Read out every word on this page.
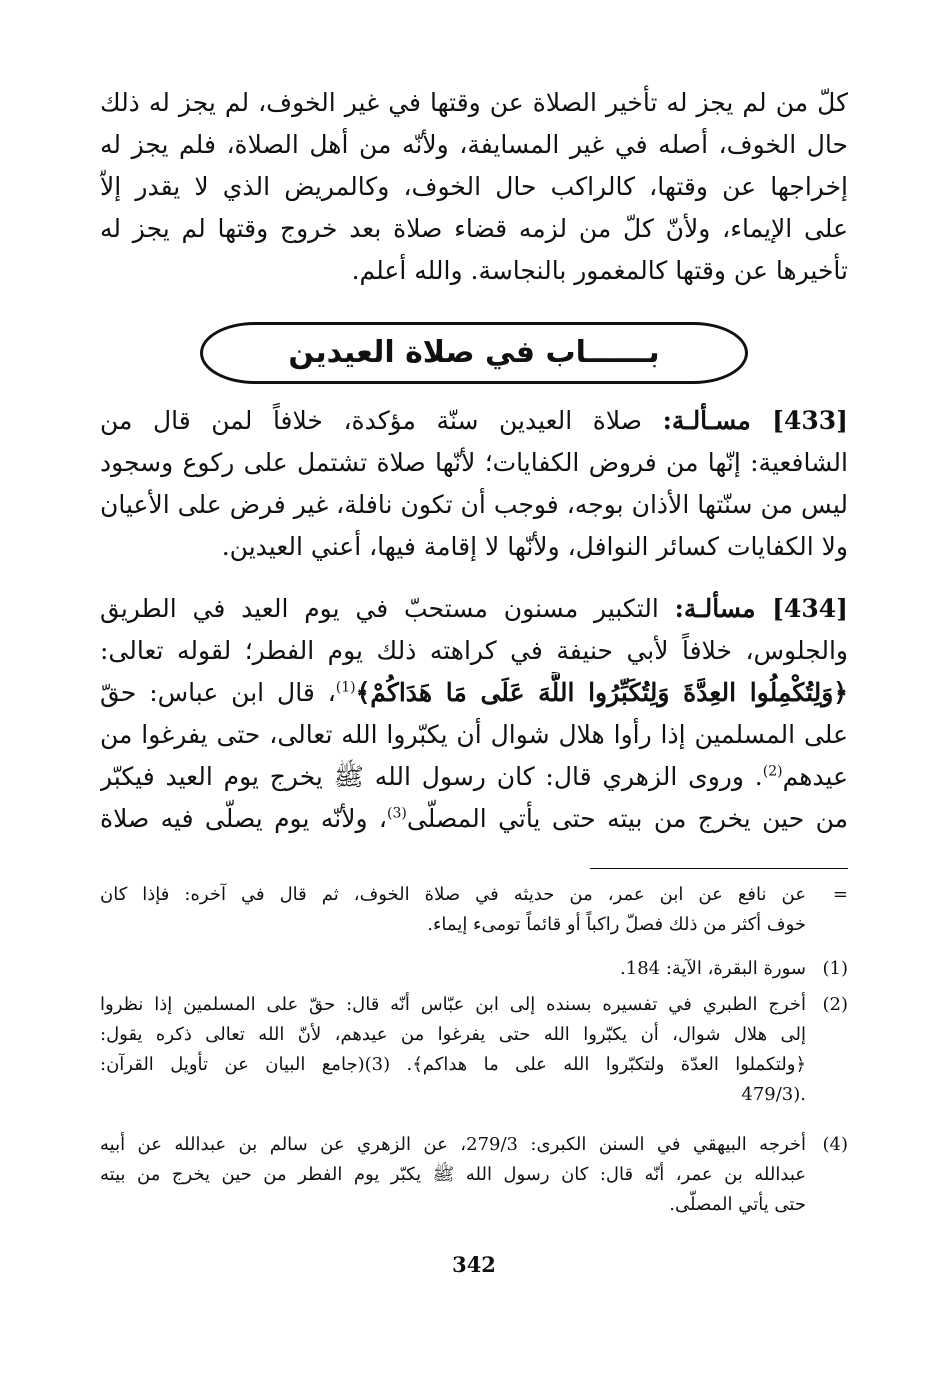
كلّ من لم يجز له تأخير الصلاة عن وقتها في غير الخوف، لم يجز له ذلك
حال الخوف، أصله في غير المسايفة، ولأنّه من أهل الصلاة، فلم يجز له
إخراجها عن وقتها، كالراكب حال الخوف، وكالمريض الذي لا يقدر إلاّ
على الإيماء، ولأنّ كلّ من لزمه قضاء صلاة بعد خروج وقتها لم يجز له
تأخيرها عن وقتها كالمغمور بالنجاسة. والله أعلم.
بــــــاب في صلاة العيدين
[433] مسـألـة: صلاة العيدين سنّة مؤكدة، خلافاً لمن قال من
الشافعية: إنّها من فروض الكفايات؛ لأنّها صلاة تشتمل على ركوع وسجود
ليس من سنّتها الأذان بوجه، فوجب أن تكون نافلة، غير فرض على الأعيان
ولا الكفايات كسائر النوافل، ولأنّها لا إقامة فيها، أعني العيدين.
[434] مسألـة: التكبير مسنون مستحبّ في يوم العيد في الطريق
والجلوس، خلافاً لأبي حنيفة في كراهته ذلك يوم الفطر؛ لقوله تعالى:
﴿وَلِتُكْمِلُوا العِدَّةَ وَلِتُكَبِّرُوا اللَّهَ عَلَى مَا هَدَاكُمْ﴾$^{(1)}$، قال ابن عباس: حقّ
على المسلمين إذا رأوا هلال شوال أن يكبّروا الله تعالى، حتى يفرغوا من
عيدهم$^{(2)}$. وروى الزهري قال: كان رسول الله ﷺ يخرج يوم العيد فيكبّر
من حين يخرج من بيته حتى يأتي المصلّى$^{(3)}$، ولأنّه يوم يصلّى فيه صلاة
=
عن نافع عن ابن عمر، من حديثه في صلاة الخوف، ثم قال في آخره: فإذا كان
خوف أكثر من ذلك فصلّ راكباً أو قائماً تومىء إيماء.
(1)
سورة البقرة، الآية: 184.
(2)
أخرج الطبري في تفسيره بسنده إلى ابن عبّاس أنّه قال: حقّ على المسلمين إذا نظروا
إلى هلال شوال، أن يكبّروا الله حتى يفرغوا من عيدهم، لأنّ الله تعالى ذكره يقول:
﴿ولتكملوا العدّة ولتكبّروا الله على ما هداكم﴾. (3)(جامع البيان عن تأويل القرآن:
.(479/3
(4)
أخرجه البيهقي في السنن الكبرى: 279/3، عن الزهري عن سالم بن عبدالله عن أبيه
عبدالله بن عمر، أنّه قال: كان رسول الله ﷺ يكبّر يوم الفطر من حين يخرج من بيته
حتى يأتي المصلّى.
342
